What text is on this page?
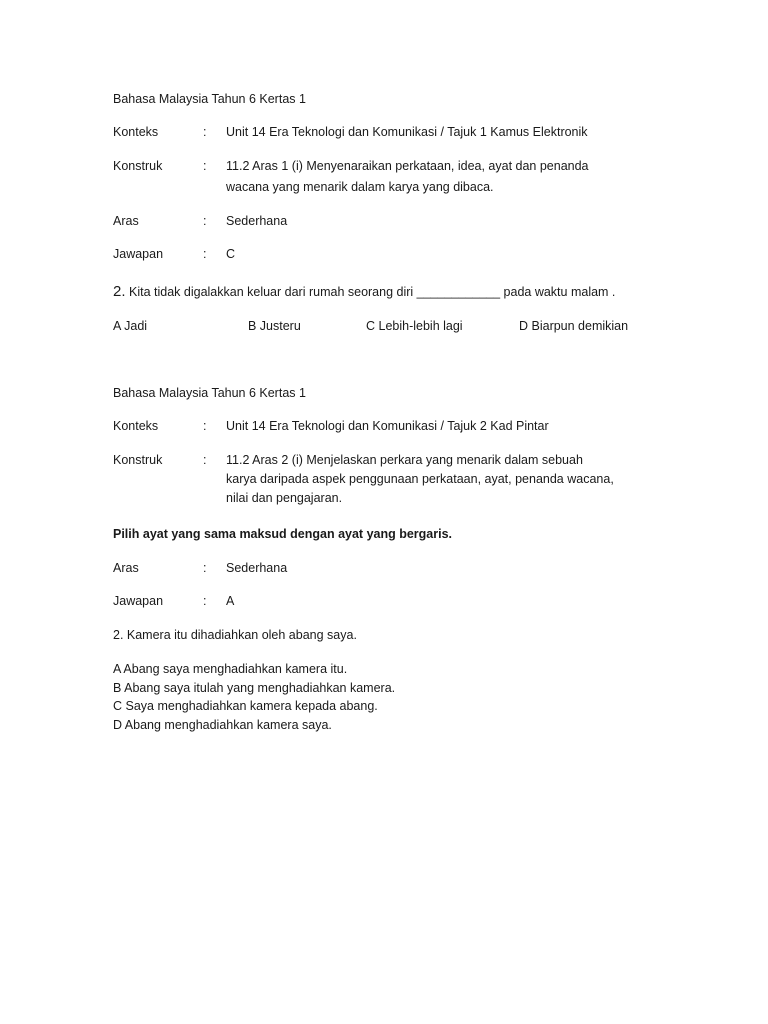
Bahasa Malaysia Tahun 6 Kertas 1
Konteks	: Unit 14 Era Teknologi dan Komunikasi / Tajuk 1 Kamus Elektronik
Konstruk	: 11.2 Aras 1 (i) Menyenaraikan perkataan, idea, ayat dan penanda
wacana yang menarik dalam karya yang dibaca.
Aras	: Sederhana
Jawapan	: C
2. Kita tidak digalakkan keluar dari rumah seorang diri ____________ pada waktu malam .
A Jadi	B Justeru	C Lebih-lebih lagi	D Biarpun demikian
Bahasa Malaysia Tahun 6 Kertas 1
Konteks	: Unit 14 Era Teknologi dan Komunikasi / Tajuk 2 Kad Pintar
Konstruk	: 11.2 Aras 2 (i) Menjelaskan perkara yang menarik dalam sebuah
karya daripada aspek penggunaan perkataan, ayat, penanda wacana,
nilai dan pengajaran.
Pilih ayat yang sama maksud dengan ayat yang bergaris.
Aras	: Sederhana
Jawapan	: A
2. Kamera itu dihadiahkan oleh abang saya.
A Abang saya menghadiahkan kamera itu.
B Abang saya itulah yang menghadiahkan kamera.
C Saya menghadiahkan kamera kepada abang.
D Abang menghadiahkan kamera saya.
